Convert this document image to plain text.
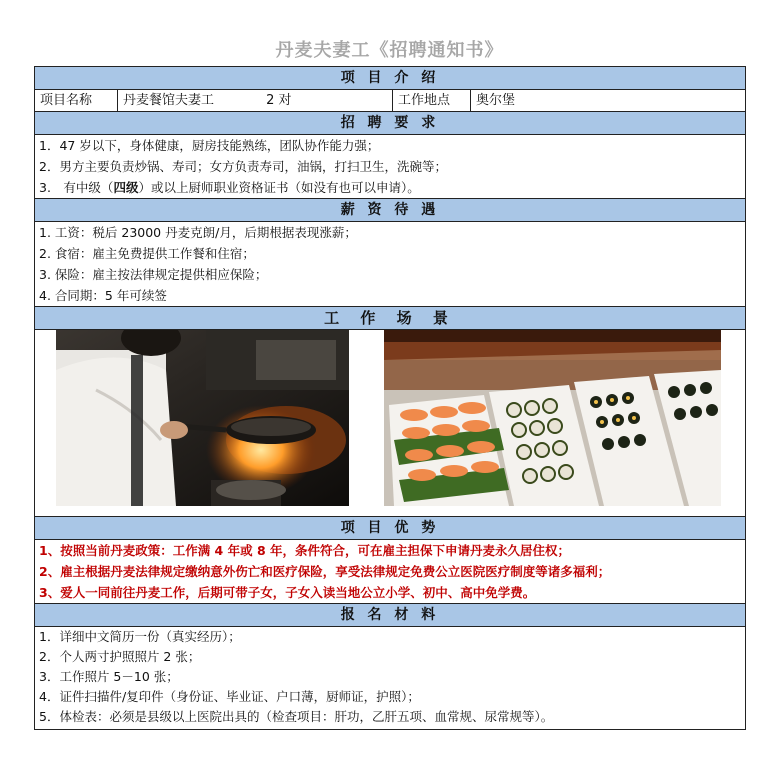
丹麦夫妻工《招聘通知书》
项 目 介 绍
项目名称	丹麦餐馆夫妻工	2 对	工作地点	奥尔堡
招 聘 要 求
1．47 岁以下，身体健康，厨房技能熟练，团队协作能力强；
2．男方主要负责炒锅、寿司；女方负责寿司，油锅，打扫卫生，洗碗等；
3.　有中级（四级）或以上厨师职业资格证书（如没有也可以申请）。
薪 资 待 遇
1. 工资：税后 23000 丹麦克朗/月，后期根据表现涨薪；
2. 食宿：雇主免费提供工作餐和住宿；
3. 保险：雇主按法律规定提供相应保险；
4. 合同期：5 年可续签
工 作 场 景
项 目 优 势
1、按照当前丹麦政策：工作满 4 年或 8 年，条件符合，可在雇主担保下申请丹麦永久居住权；
2、雇主根据丹麦法律规定缴纳意外伤亡和医疗保险，享受法律规定免费公立医院医疗制度等诸多福利；
3、爱人一同前往丹麦工作，后期可带子女，子女入读当地公立小学、初中、高中免学费。
报 名 材 料
1．详细中文简历一份（真实经历）；
2．个人两寸护照照片 2 张；
3．工作照片 5－10 张；
4．证件扫描件/复印件（身份证、毕业证、户口薄，厨师证，护照）；
5．体检表：必须是县级以上医院出具的（检查项目：肝功，乙肝五项、血常规、尿常规等）。
